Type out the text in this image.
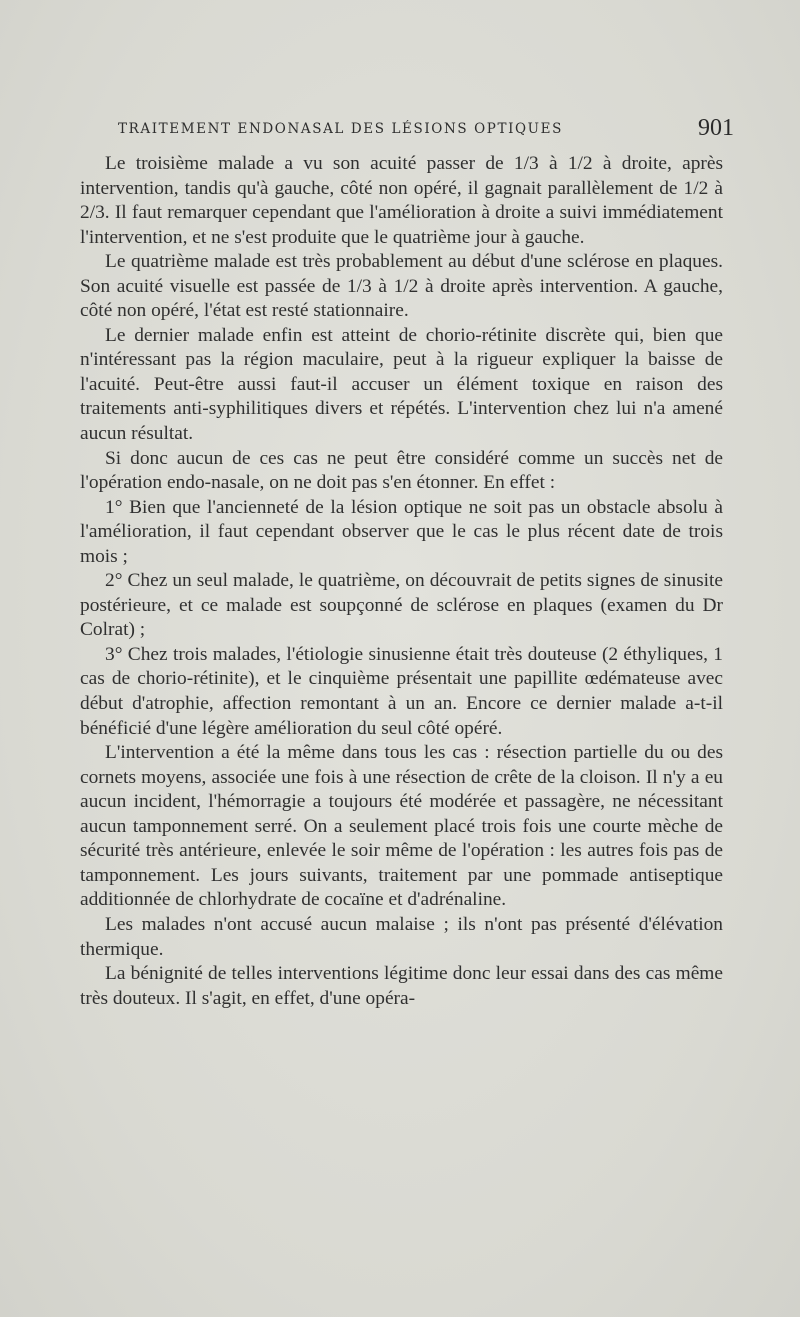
TRAITEMENT ENDONASAL DES LÉSIONS OPTIQUES	901

Le troisième malade a vu son acuité passer de 1/3 à 1/2 à droite, après intervention, tandis qu'à gauche, côté non opéré, il gagnait parallèlement de 1/2 à 2/3. Il faut remarquer cependant que l'amélioration à droite a suivi immédiatement l'intervention, et ne s'est produite que le quatrième jour à gauche.

Le quatrième malade est très probablement au début d'une sclérose en plaques. Son acuité visuelle est passée de 1/3 à 1/2 à droite après intervention. A gauche, côté non opéré, l'état est resté stationnaire.

Le dernier malade enfin est atteint de chorio-rétinite discrète qui, bien que n'intéressant pas la région maculaire, peut à la rigueur expliquer la baisse de l'acuité. Peut-être aussi faut-il accuser un élément toxique en raison des traitements anti-syphilitiques divers et répétés. L'intervention chez lui n'a amené aucun résultat.

Si donc aucun de ces cas ne peut être considéré comme un succès net de l'opération endo-nasale, on ne doit pas s'en étonner. En effet :

1° Bien que l'ancienneté de la lésion optique ne soit pas un obstacle absolu à l'amélioration, il faut cependant observer que le cas le plus récent date de trois mois ;

2° Chez un seul malade, le quatrième, on découvrait de petits signes de sinusite postérieure, et ce malade est soupçonné de sclérose en plaques (examen du Dr Colrat) ;

3° Chez trois malades, l'étiologie sinusienne était très douteuse (2 éthyliques, 1 cas de chorio-rétinite), et le cinquième présentait une papillite œdémateuse avec début d'atrophie, affection remontant à un an. Encore ce dernier malade a-t-il bénéficié d'une légère amélioration du seul côté opéré.

L'intervention a été la même dans tous les cas : résection partielle du ou des cornets moyens, associée une fois à une résection de crête de la cloison. Il n'y a eu aucun incident, l'hémorragie a toujours été modérée et passagère, ne nécessitant aucun tamponnement serré. On a seulement placé trois fois une courte mèche de sécurité très antérieure, enlevée le soir même de l'opération : les autres fois pas de tamponnement. Les jours suivants, traitement par une pommade antiseptique additionnée de chlorhydrate de cocaïne et d'adrénaline.

Les malades n'ont accusé aucun malaise ; ils n'ont pas présenté d'élévation thermique.

La bénignité de telles interventions légitime donc leur essai dans des cas même très douteux. Il s'agit, en effet, d'une opéra-
